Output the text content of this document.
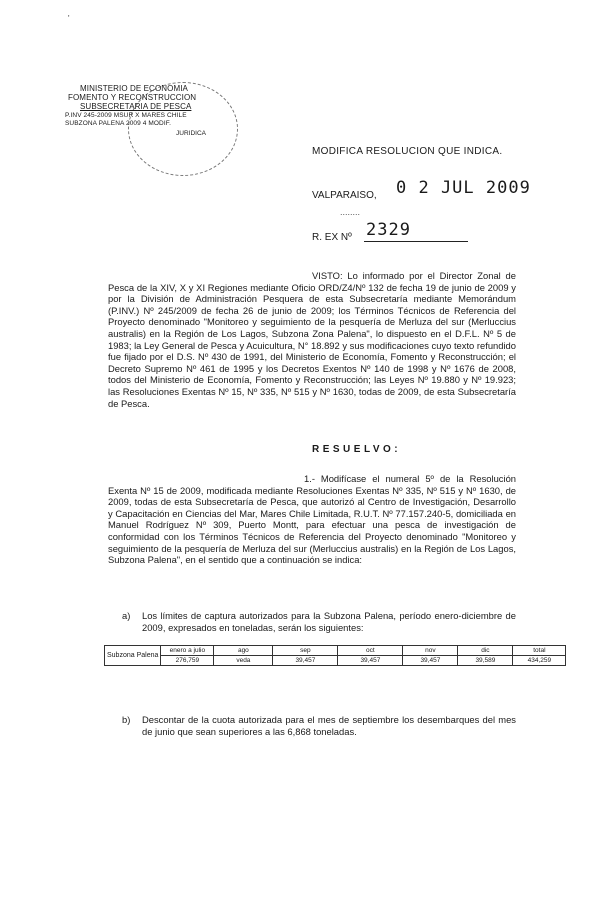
'
MINISTERIO DE ECONOMIA
FOMENTO Y RECONSTRUCCION
SUBSECRETARIA DE PESCA
P.INV 245-2009 MSUR X MARES CHILE
SUBZONA PALENA 2009 4 MODIF.
JURIDICA
MODIFICA RESOLUCION QUE INDICA.
0 2 JUL 2009
VALPARAISO,
........
2329
R. EX Nº
VISTO: Lo informado por el Director Zonal de Pesca de la XIV, X y XI Regiones mediante Oficio ORD/Z4/Nº 132 de fecha 19 de junio de 2009 y por la División de Administración Pesquera de esta Subsecretaría mediante Memorándum (P.INV.) Nº 245/2009 de fecha 26 de junio de 2009; los Términos Técnicos de Referencia del Proyecto denominado "Monitoreo y seguimiento de la pesquería de Merluza del sur (Merluccius australis) en la Región de Los Lagos, Subzona Zona Palena", lo dispuesto en el D.F.L. Nº 5 de 1983; la Ley General de Pesca y Acuicultura, N° 18.892 y sus modificaciones cuyo texto refundido fue fijado por el D.S. Nº 430 de 1991, del Ministerio de Economía, Fomento y Reconstrucción; el Decreto Supremo Nº 461 de 1995 y los Decretos Exentos Nº 140 de 1998 y Nº 1676 de 2008, todos del Ministerio de Economía, Fomento y Reconstrucción; las Leyes Nº 19.880 y Nº 19.923; las Resoluciones Exentas Nº 15, Nº 335, Nº 515 y Nº 1630, todas de 2009, de esta Subsecretaría de Pesca.
RESUELVO:
1.- Modifícase el numeral 5º de la Resolución Exenta Nº 15 de 2009, modificada mediante Resoluciones Exentas Nº 335, Nº 515 y Nº 1630, de 2009, todas de esta Subsecretaría de Pesca, que autorizó al Centro de Investigación, Desarrollo y Capacitación en Ciencias del Mar, Mares Chile Limitada, R.U.T. Nº 77.157.240-5, domiciliada en Manuel Rodríguez Nº 309, Puerto Montt, para efectuar una pesca de investigación de conformidad con los Términos Técnicos de Referencia del Proyecto denominado "Monitoreo y seguimiento de la pesquería de Merluza del sur (Merluccius australis) en la Región de Los Lagos, Subzona Palena", en el sentido que a continuación se indica:
a) Los límites de captura autorizados para la Subzona Palena, período enero-diciembre de 2009, expresados en toneladas, serán los siguientes:
Subzona Palena	enero a julio	ago	sep	oct	nov	dic	total
	276,759	veda	39,457	39,457	39,457	39,589	434,259
b) Descontar de la cuota autorizada para el mes de septiembre los desembarques del mes de junio que sean superiores a las 6,868 toneladas.
